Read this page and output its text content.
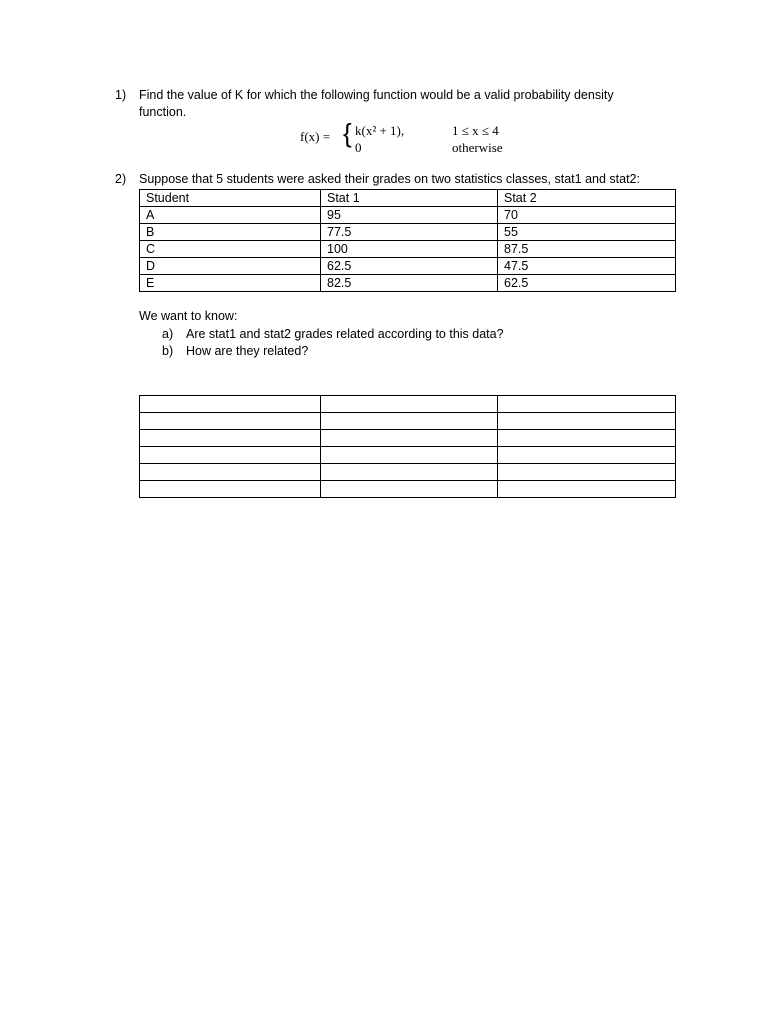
1) Find the value of K for which the following function would be a valid probability density
function.
f(x) = { k(x² + 1),	1 ≤ x ≤ 4
0	otherwise
2) Suppose that 5 students were asked their grades on two statistics classes, stat1 and stat2:
Student	Stat 1	Stat 2
A	95	70
B	77.5	55
C	100	87.5
D	62.5	47.5
E	82.5	62.5
We want to know:
a) Are stat1 and stat2 grades related according to this data?
b) How are they related?
